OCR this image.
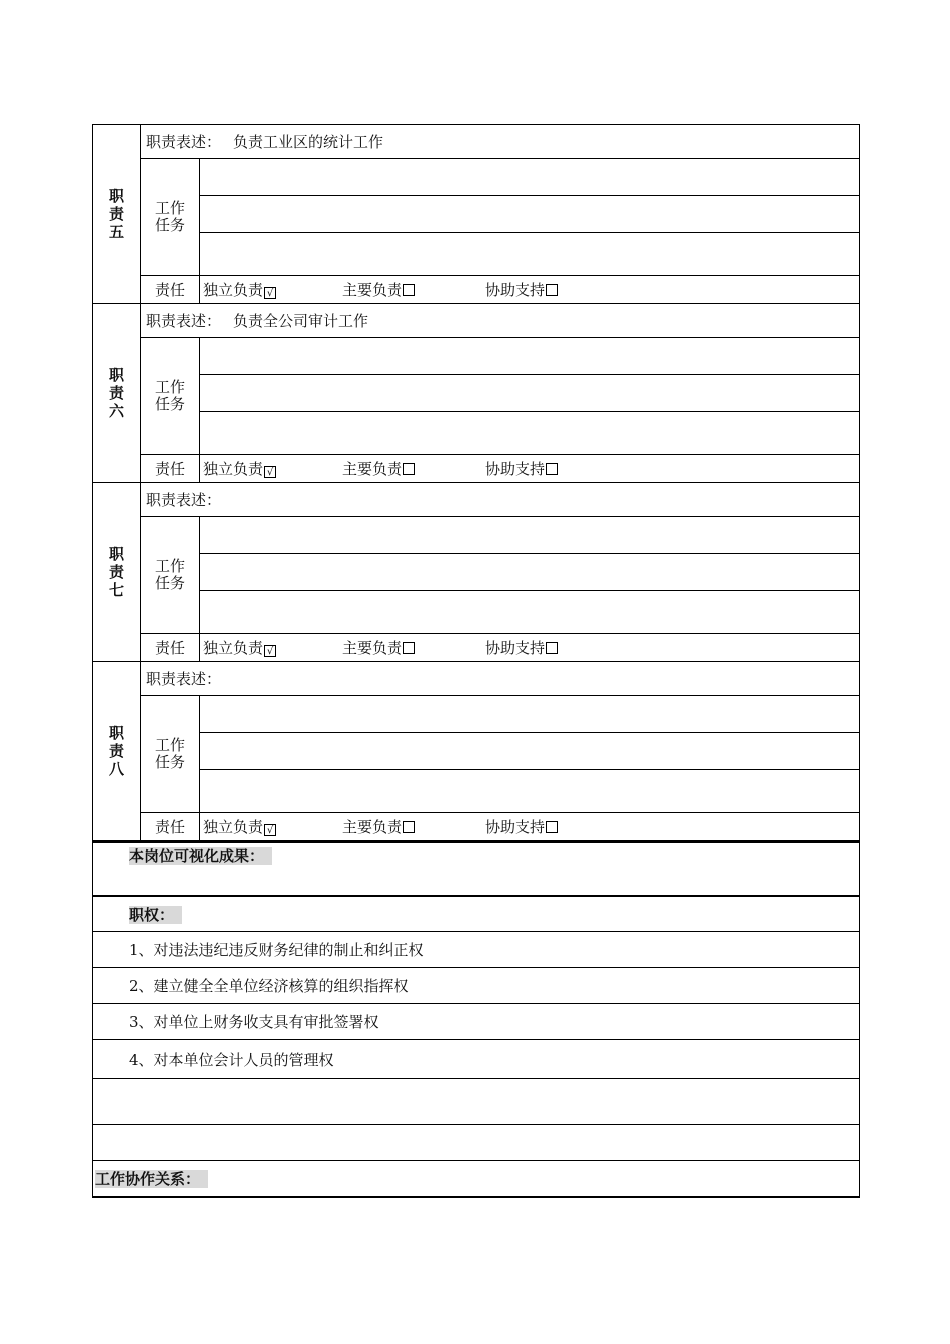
职
责
五	职责表述： 负责工业区的统计工作	

	工作
任务	

	责任	独立负责 √ 主要负责 协助支持

职
责
六	职责表述： 负责全公司审计工作	

	工作
任务	

	责任	独立负责 √ 主要负责 协助支持

职
责
七	职责表述：	

	工作
任务	

	责任	独立负责 √ 主要负责 协助支持

职
责
八	职责表述：	

	工作
任务	

	责任	独立负责 √ 主要负责 协助支持
本岗位可视化成果：
职权：
1、对违法违纪违反财务纪律的制止和纠正权
2、建立健全全单位经济核算的组织指挥权
3、对单位上财务收支具有审批签署权
4、对本单位会计人员的管理权

工作协作关系：
